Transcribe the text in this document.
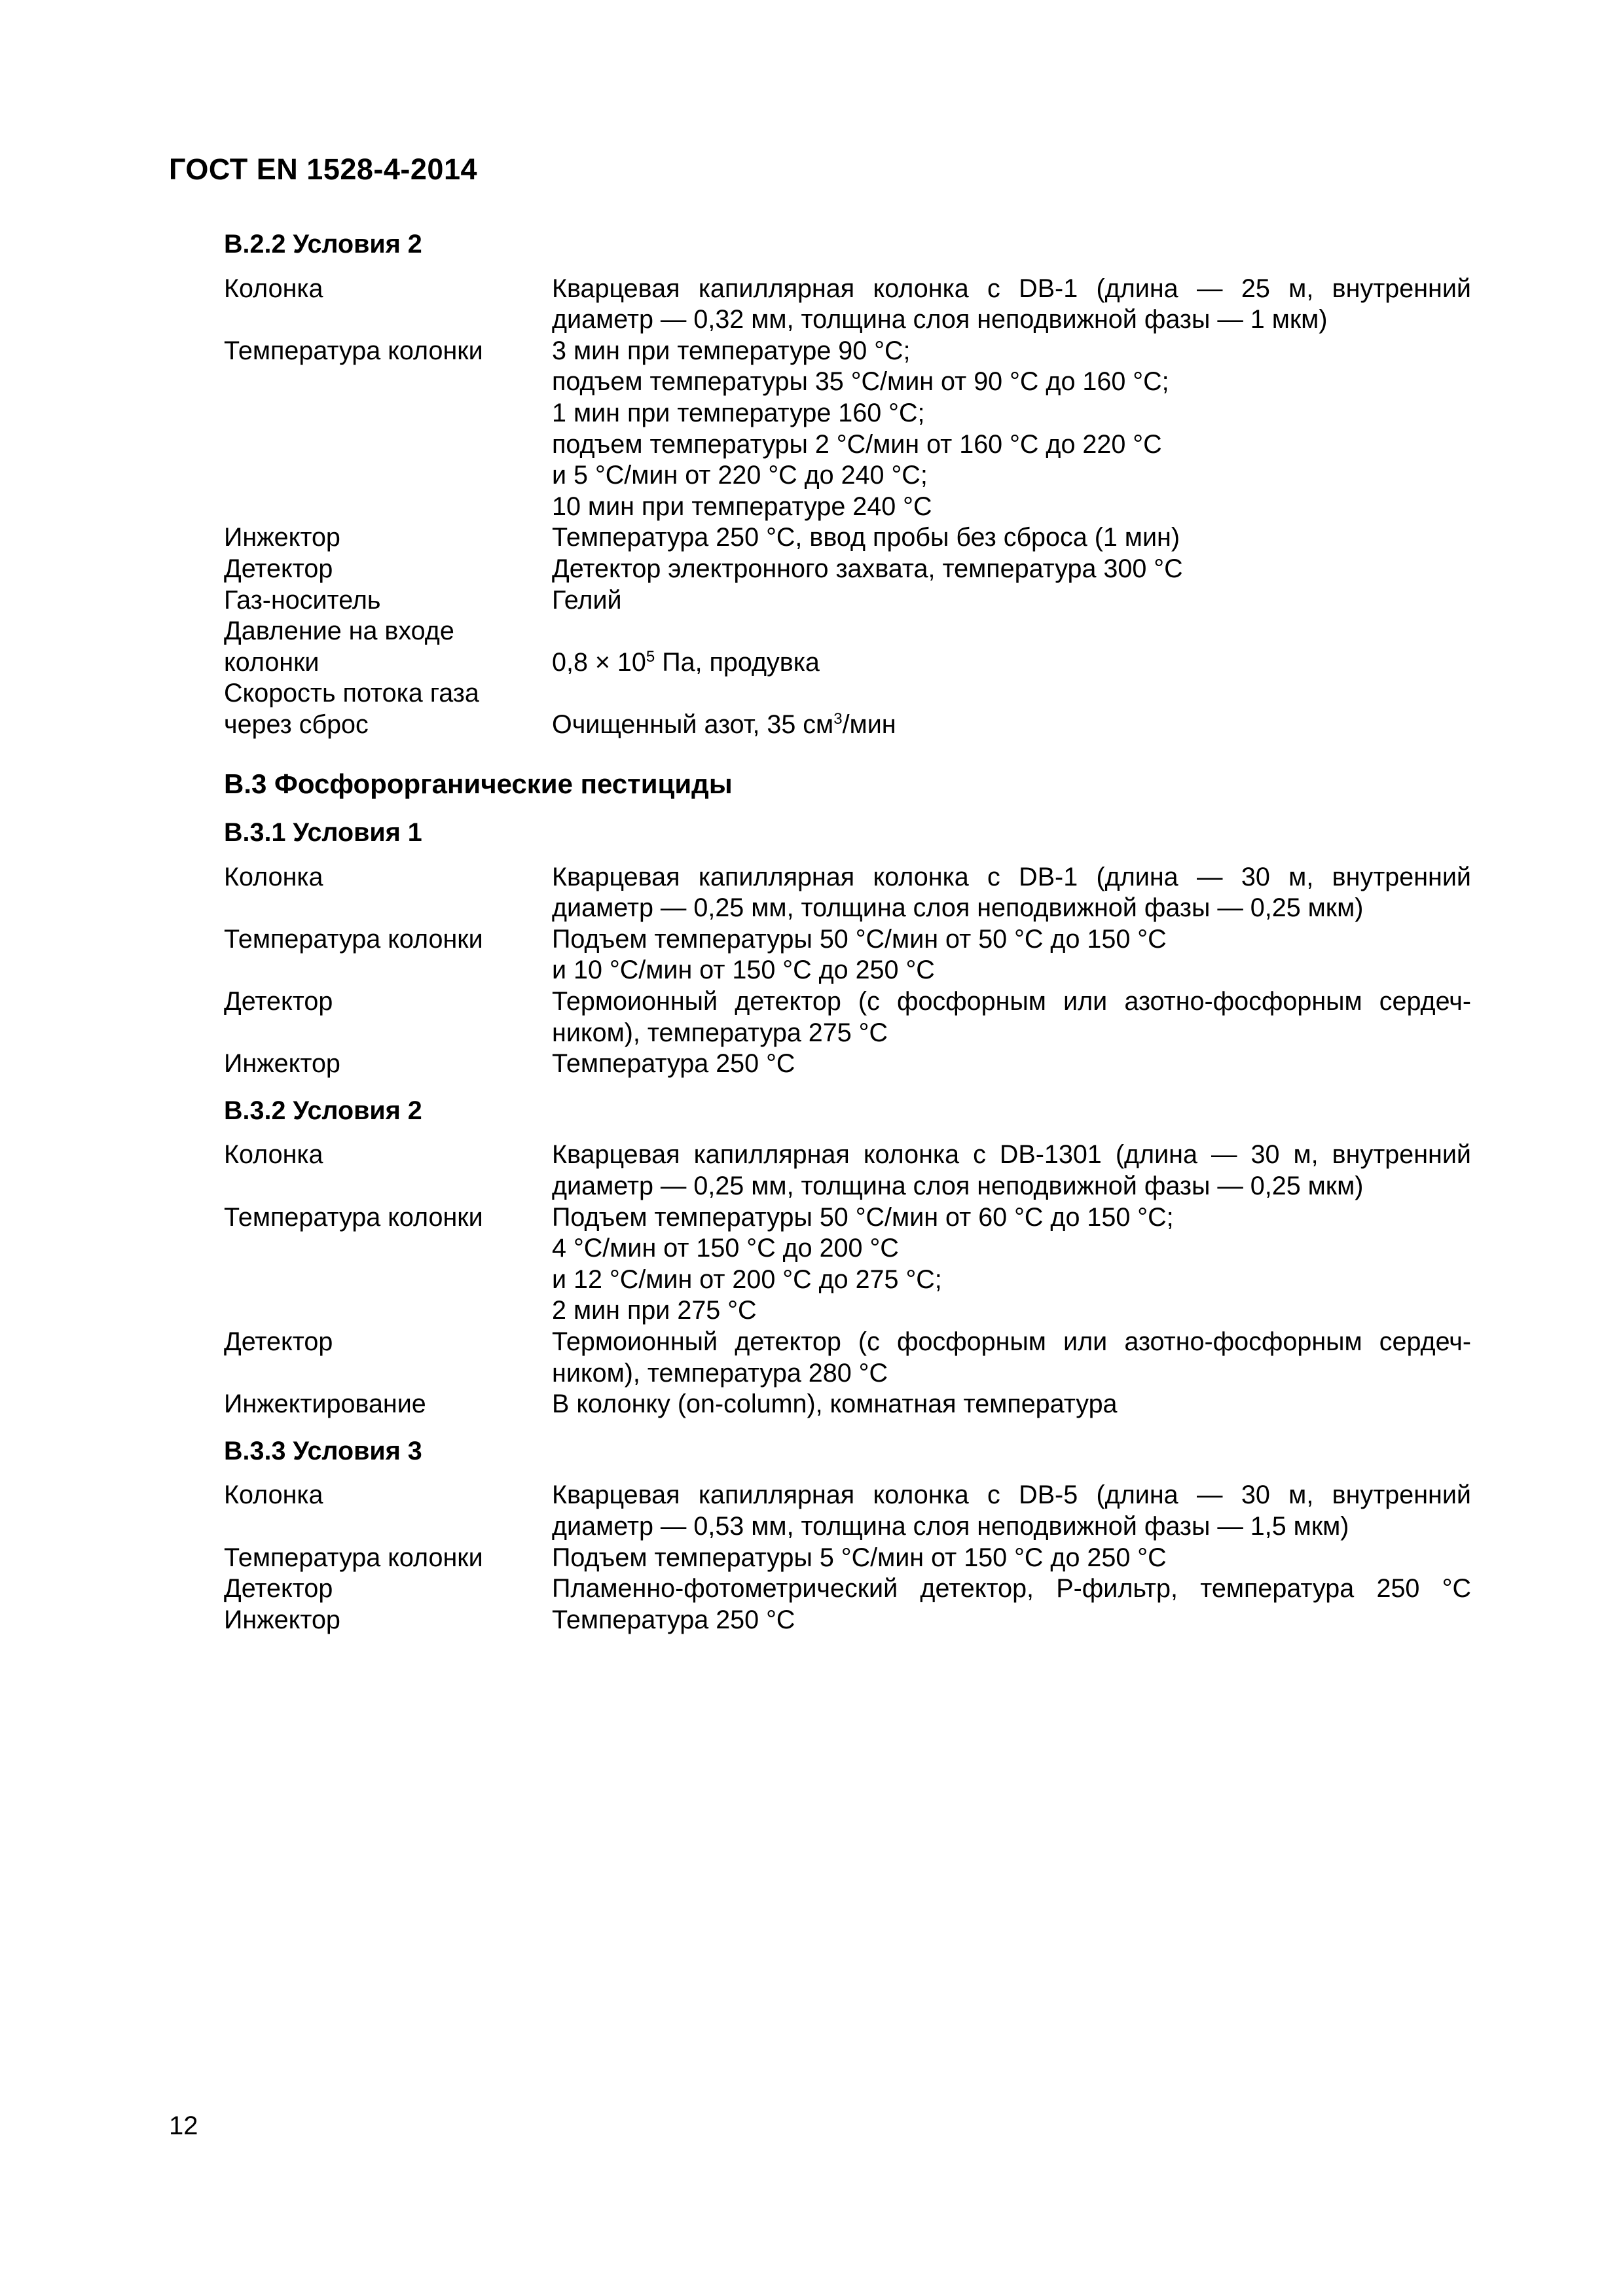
ГОСТ EN 1528-4-2014
B.2.2 Условия 2
Колонка	Кварцевая капиллярная колонка с DB-1 (длина — 25 м, внутренний
диаметр — 0,32 мм, толщина слоя неподвижной фазы — 1 мкм)
Температура колонки	3 мин при температуре 90 °C;
подъем температуры 35 °C/мин от 90 °C до 160 °C;
1 мин при температуре 160 °C;
подъем температуры 2 °C/мин от 160 °C до 220 °C
и 5 °C/мин от 220 °C до 240 °C;
10 мин при температуре 240 °C
Инжектор	Температура 250 °C, ввод пробы без сброса (1 мин)
Детектор	Детектор электронного захвата, температура 300 °C
Газ-носитель	Гелий
Давление на входе
колонки	$0,8 \times 10^5$ Па, продувка
Скорость потока газа
через сброс	Очищенный азот, 35 $см^3$/мин
B.3 Фосфорорганические пестициды
B.3.1 Условия 1
Колонка	Кварцевая капиллярная колонка с DB-1 (длина — 30 м, внутренний
диаметр — 0,25 мм, толщина слоя неподвижной фазы — 0,25 мкм)
Температура колонки	Подъем температуры 50 °C/мин от 50 °C до 150 °C
и 10 °C/мин от 150 °C до 250 °C
Детектор	Термоионный детектор (с фосфорным или азотно-фосфорным сердеч-
ником), температура 275 °C
Инжектор	Температура 250 °C
B.3.2 Условия 2
Колонка	Кварцевая капиллярная колонка с DB-1301 (длина — 30 м, внутренний
диаметр — 0,25 мм, толщина слоя неподвижной фазы — 0,25 мкм)
Температура колонки	Подъем температуры 50 °C/мин от 60 °C до 150 °C;
4 °C/мин от 150 °C до 200 °C
и 12 °C/мин от 200 °C до 275 °C;
2 мин при 275 °C
Детектор	Термоионный детектор (с фосфорным или азотно-фосфорным сердеч-
ником), температура 280 °C
Инжектирование	В колонку (on-column), комнатная температура
B.3.3 Условия 3
Колонка	Кварцевая капиллярная колонка с DB-5 (длина — 30 м, внутренний
диаметр — 0,53 мм, толщина слоя неподвижной фазы — 1,5 мкм)
Температура колонки	Подъем температуры 5 °C/мин от 150 °C до 250 °C
Детектор	Пламенно-фотометрический детектор, Р-фильтр, температура 250 °C
Инжектор	Температура 250 °C
12
